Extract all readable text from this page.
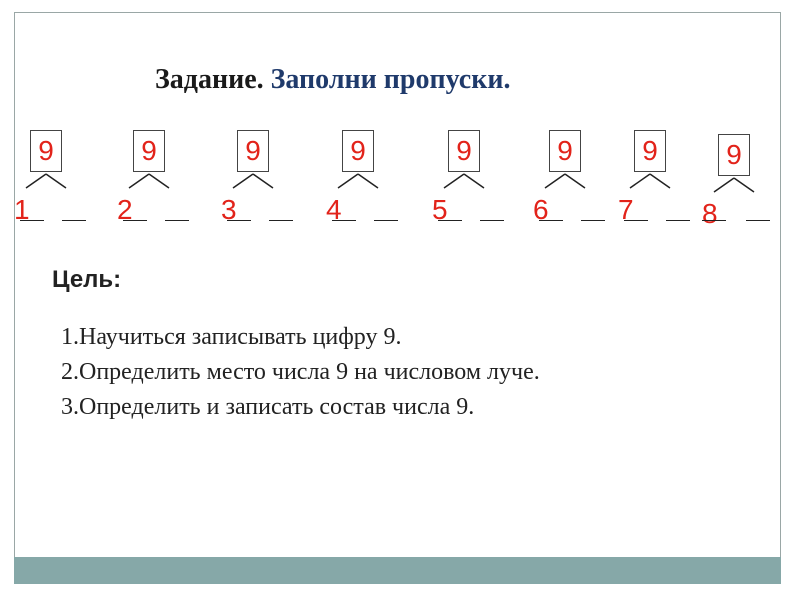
Задание. Заполни пропуски.
9
1
9
2
9
3
9
4
9
5
9
6
9
7
9
8
Цель:
1.Научиться записывать цифру 9.
2.Определить место числа 9 на числовом луче.
3.Определить и записать состав числа 9.
